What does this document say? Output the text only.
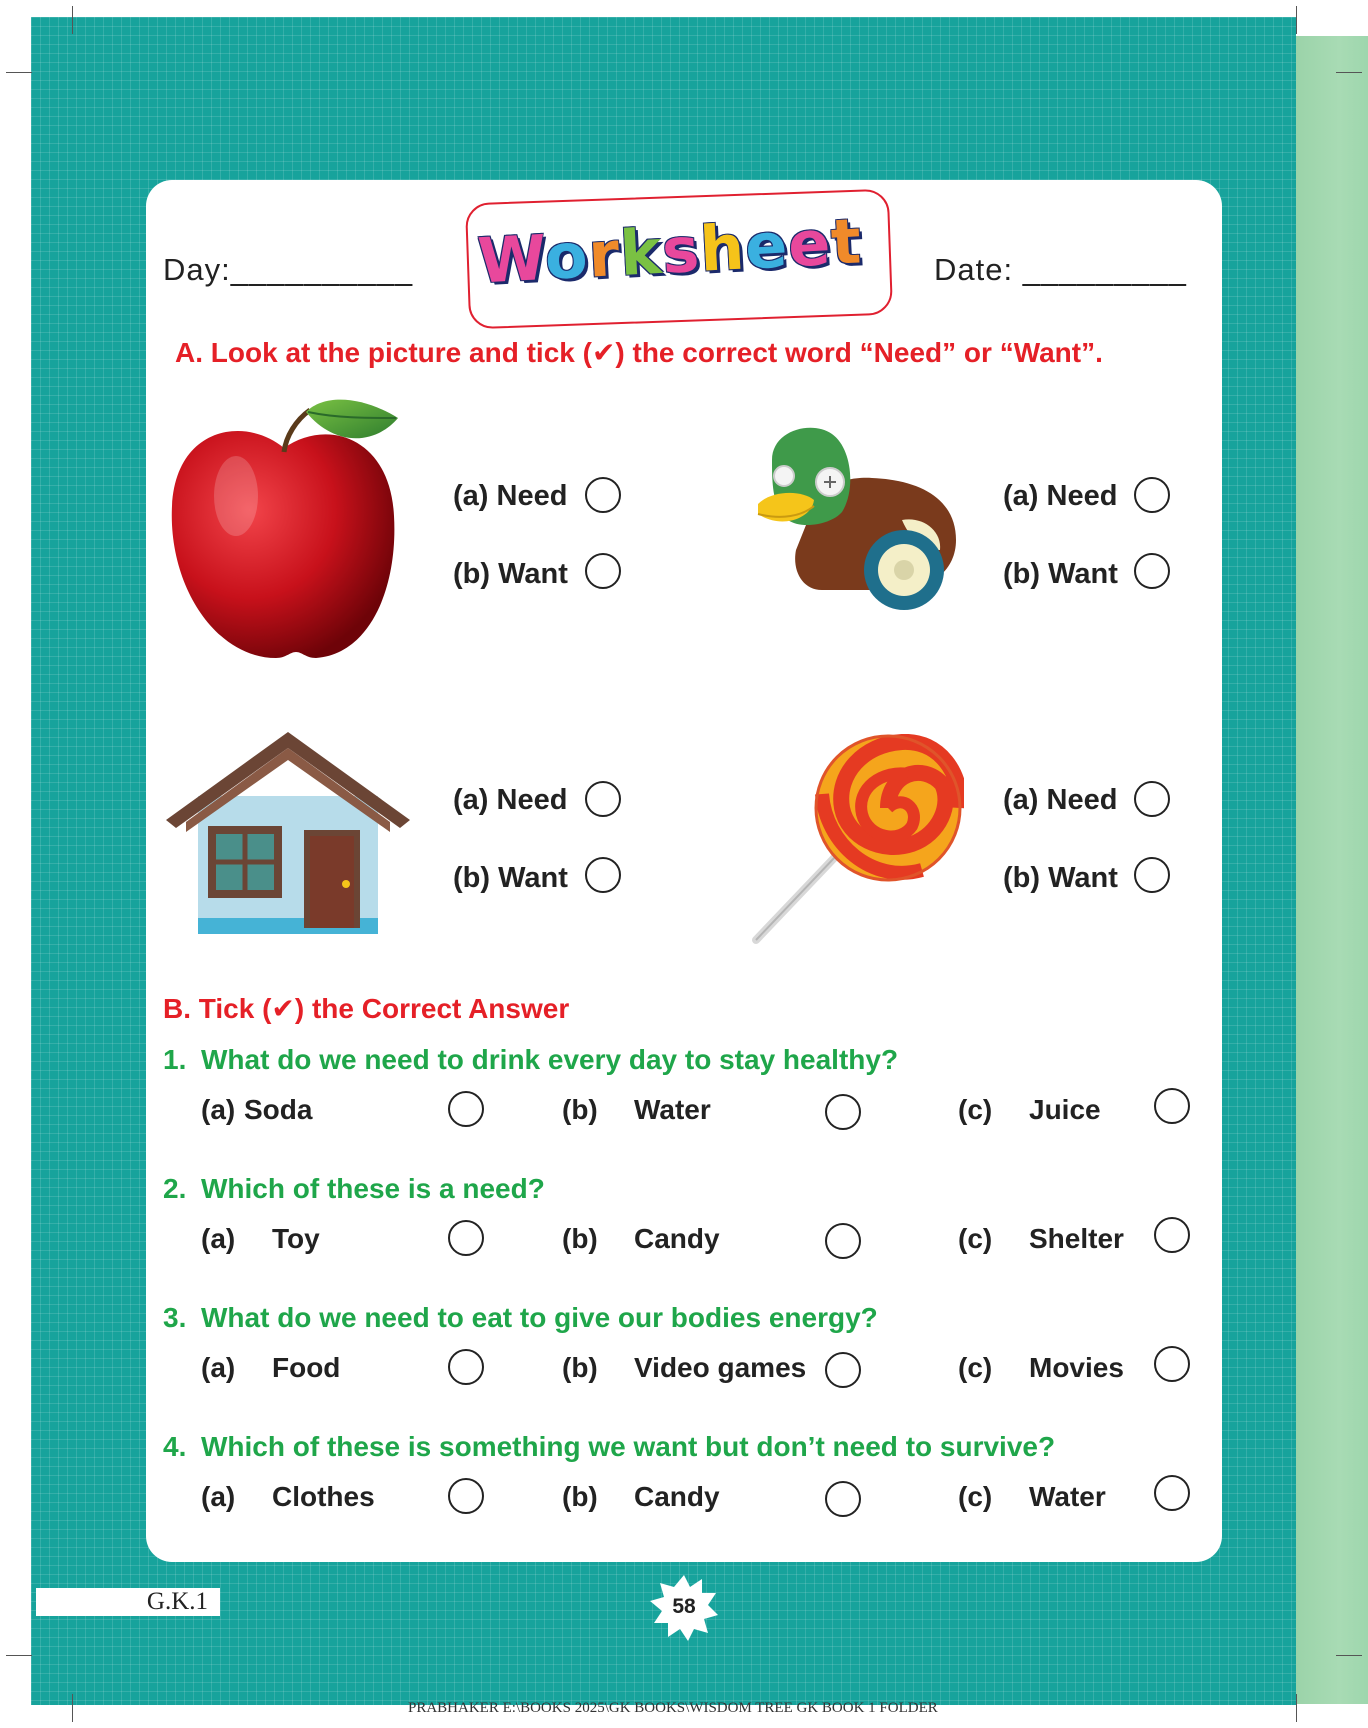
Day:__________ Worksheet	Date: _________
A. Look at the picture and tick (✔) the correct word “Need” or “Want”.
(a) Need
(b) Want
(a) Need
(b) Want
(a) Need
(b) Want
(a) Need
(b) Want
B. Tick (✔) the Correct Answer
1. What do we need to drink every day to stay healthy?
(a) Soda	(b) Water	(c) Juice
2. Which of these is a need?
(a) Toy	(b) Candy	(c) Shelter
3. What do we need to eat to give our bodies energy?
(a) Food	(b) Video games	(c) Movies
4. Which of these is something we want but don’t need to survive?
(a) Clothes	(b) Candy	(c) Water
G.K.1	58
PRABHAKER E:\BOOKS 2025\GK BOOKS\WISDOM TREE GK BOOK 1 FOLDER
